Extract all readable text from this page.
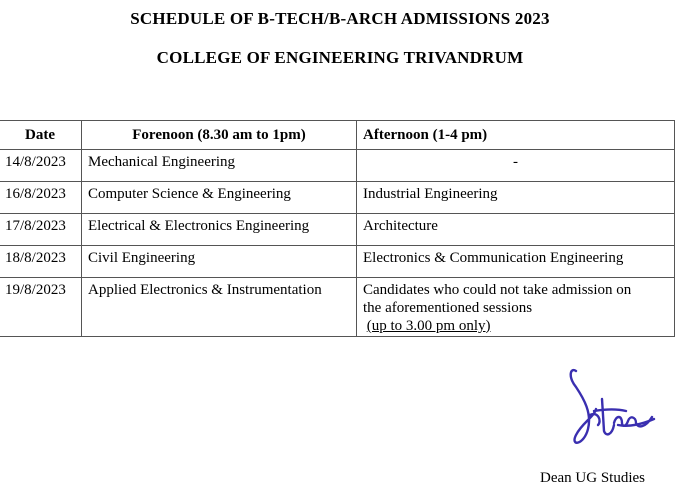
SCHEDULE OF B-TECH/B-ARCH ADMISSIONS 2023
COLLEGE OF ENGINEERING TRIVANDRUM
Date	Forenoon (8.30 am to 1pm)	Afternoon (1-4 pm)
14/8/2023	Mechanical Engineering	-
16/8/2023	Computer Science & Engineering	Industrial Engineering
17/8/2023	Electrical & Electronics Engineering	Architecture
18/8/2023	Civil Engineering	Electronics & Communication Engineering
19/8/2023	Applied Electronics & Instrumentation	Candidates who could not take admission on
the aforementioned sessions
(up to 3.00 pm only)
Dean UG Studies
